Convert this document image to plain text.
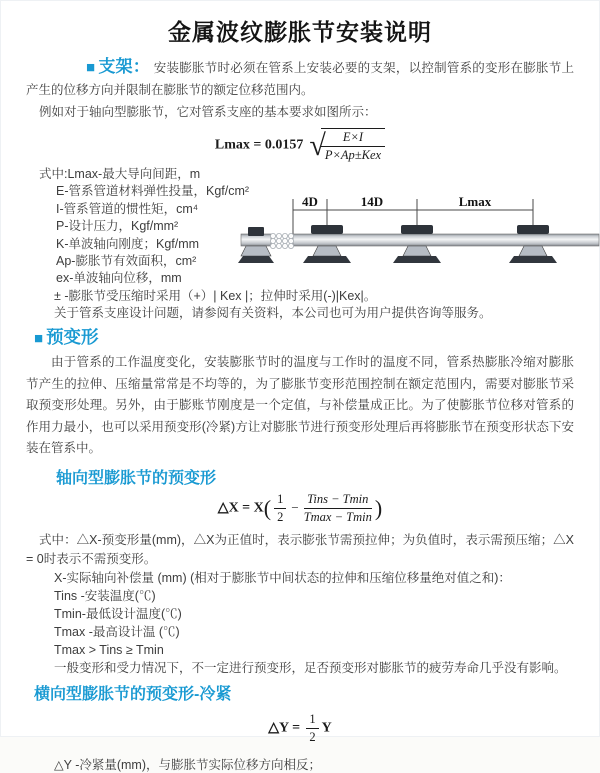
金属波纹膨胀节安装说明

■ 支架： 安装膨胀节时必须在管系上安装必要的支架，以控制管系的变形在膨胀节上产生的位移方向并限制在膨胀节的额定位移范围内。

例如对于轴向型膨胀节，它对管系支座的基本要求如图所示：

Lmax = 0.0157 √
$\frac{E\times I}{\text{P×Ap±Kex}}$
式中:Lmax-最大导向间距，m
E-管系管道材料弹性投量，Kgf/cm²
I-管系管道的惯性矩，cm⁴
P-设计压力，Kgf/mm²
K-单波轴向刚度；Kgf/mm
Ap-膨胀节有效面积，cm²
ex-单波轴向位移，mm
± -膨胀节受压缩时采用（+）| Kex |；拉伸时采用(-)|Kex|。
关于管系支座设计问题，请参阅有关资料，本公司也可为用户提供咨询等服务。
4D	14D	Lmax
■ 预变形

由于管系的工作温度变化，安装膨胀节时的温度与工作时的温度不同，管系热膨胀冷缩对膨胀节产生的拉伸、压缩量常常是不均等的，为了膨胀节变形范围控制在额定范围内，需要对膨胀节采取预变形处理。另外，由于膨账节刚度是一个定值，与补偿量成正比。为了使膨胀节位移对管系的作用力最小，也可以采用预变形(冷紧)方让对膨胀节进行预变形处理后再将膨胀节在预变形状态下安装在管系中。

轴向型膨胀节的预变形
△X = $X( \frac{1}{2} - \frac{\text{Tins − Tmin}}{Tmax - Tmin}$ )

式中：△X-预变形量(mm)，△X为正值时，表示膨张节需预拉伸；为负值时，表示需预压缩；△X = 0时表示不需预变形。

X-实际轴向补偿量 (mm) (相对于膨胀节中间状态的拉伸和压缩位移量绝对值之和)：
Tins -安装温度(℃)
Tmin-最低设计温度(℃)
Tmax -最高设计温 (℃)
Tmax > Tins ≥ Tmin
一般变形和受力情况下，不一定进行预变形，足否预变形对膨胀节的疲劳寿命几乎没有影响。
横向型膨胀节的预变形-冷紧
△Y = $\frac{1}{2}$ Y

△Y -冷紧量(mm)，与膨胀节实际位移方向相反；
